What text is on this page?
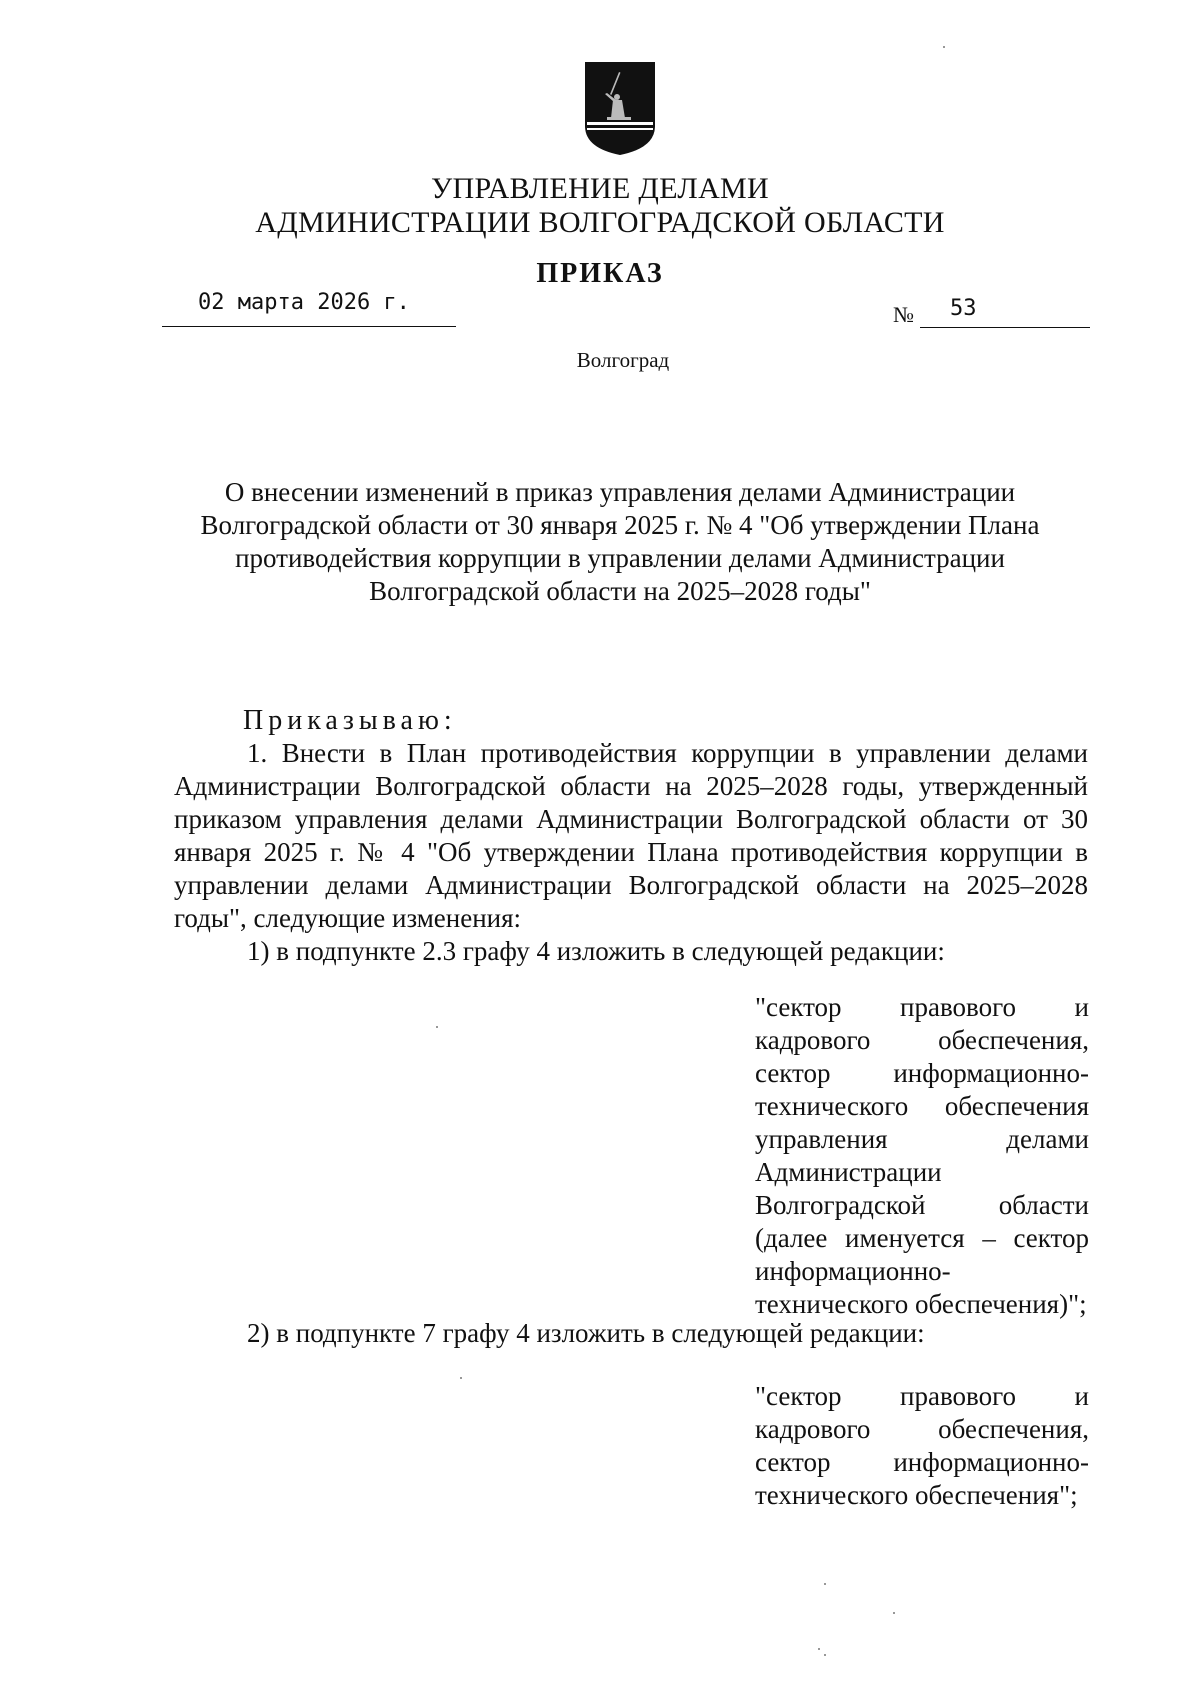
УПРАВЛЕНИЕ ДЕЛАМИ
АДМИНИСТРАЦИИ ВОЛГОГРАДСКОЙ ОБЛАСТИ
ПРИКАЗ
02 марта 2026 г.	№ 53
Волгоград
О внесении изменений в приказ управления делами Администрации Волгоградской области от 30 января 2025 г. № 4 "Об утверждении Плана противодействия коррупции в управлении делами Администрации Волгоградской области на 2025–2028 годы"
Приказываю:

1. Внести в План противодействия коррупции в управлении делами Администрации Волгоградской области на 2025–2028 годы, утвержденный приказом управления делами Администрации Волгоградской области от 30 января 2025 г. № 4 "Об утверждении Плана противодействия коррупции в управлении делами Администрации Волгоградской области на 2025–2028 годы", следующие изменения:

1) в подпункте 2.3 графу 4 изложить в следующей редакции:

"сектор правового и кадрового обеспечения, сектор информационно-технического обеспечения управления делами Администрации Волгоградской области (далее именуется – сектор информационно-технического обеспечения)";
2) в подпункте 7 графу 4 изложить в следующей редакции:
"сектор правового и кадрового обеспечения, сектор информационно-технического обеспечения";
